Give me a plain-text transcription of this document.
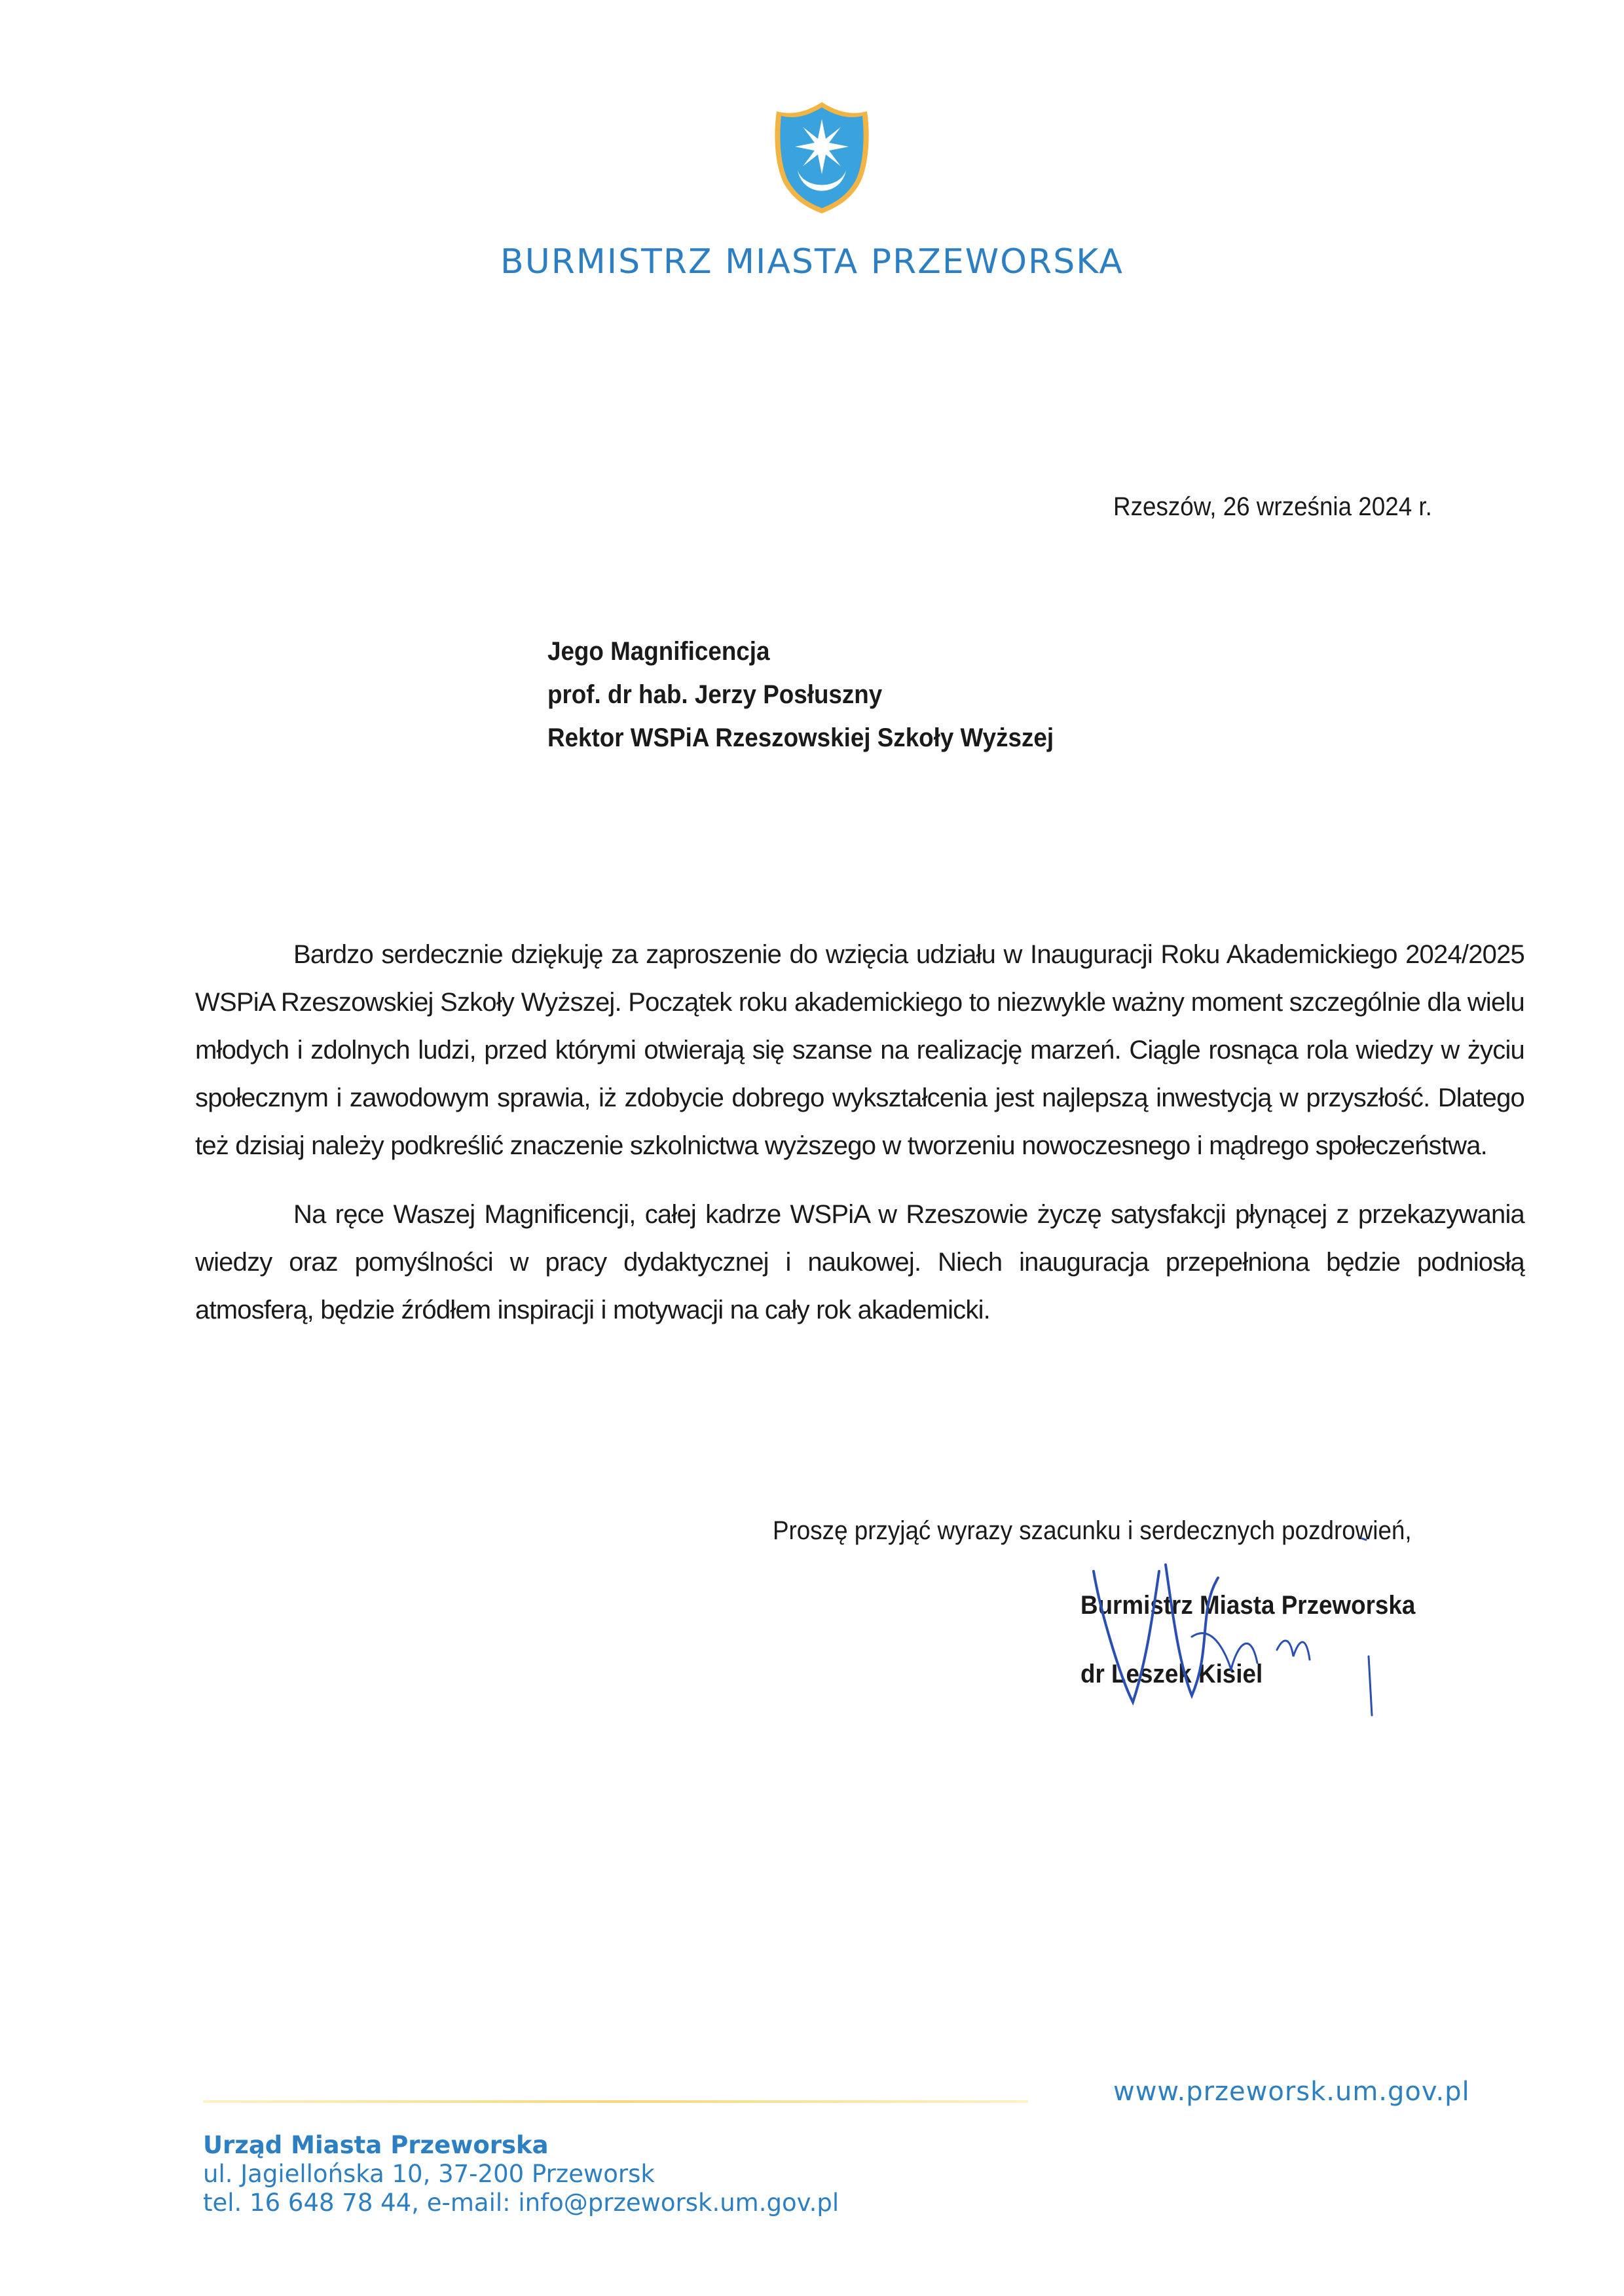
BURMISTRZ MIASTA PRZEWORSKA
Rzeszów, 26 września 2024 r.
Jego Magnificencja
prof. dr hab. Jerzy Posłuszny
Rektor WSPiA Rzeszowskiej Szkoły Wyższej

Bardzo serdecznie dziękuję za zaproszenie do wzięcia udziału w Inauguracji Roku Akademickiego 2024/2025 WSPiA Rzeszowskiej Szkoły Wyższej. Początek roku akademickiego to niezwykle ważny moment szczególnie dla wielu młodych i zdolnych ludzi, przed którymi otwierają się szanse na realizację marzeń. Ciągle rosnąca rola wiedzy w życiu społecznym i zawodowym sprawia, iż zdobycie dobrego wykształcenia jest najlepszą inwestycją w przyszłość. Dlatego też dzisiaj należy podkreślić znaczenie szkolnictwa wyższego w tworzeniu nowoczesnego i mądrego społeczeństwa.

Na ręce Waszej Magnificencji, całej kadrze WSPiA w Rzeszowie życzę satysfakcji płynącej z przekazywania wiedzy oraz pomyślności w pracy dydaktycznej i naukowej. Niech inauguracja przepełniona będzie podniosłą atmosferą, będzie źródłem inspiracji i motywacji na cały rok akademicki.

Proszę przyjąć wyrazy szacunku i serdecznych pozdrowień,
Burmistrz Miasta Przeworska
dr Leszek Kisiel
www.przeworsk.um.gov.pl
Urząd Miasta Przeworska
ul. Jagiellońska 10, 37-200 Przeworsk
tel. 16 648 78 44, e-mail: info@przeworsk.um.gov.pl
